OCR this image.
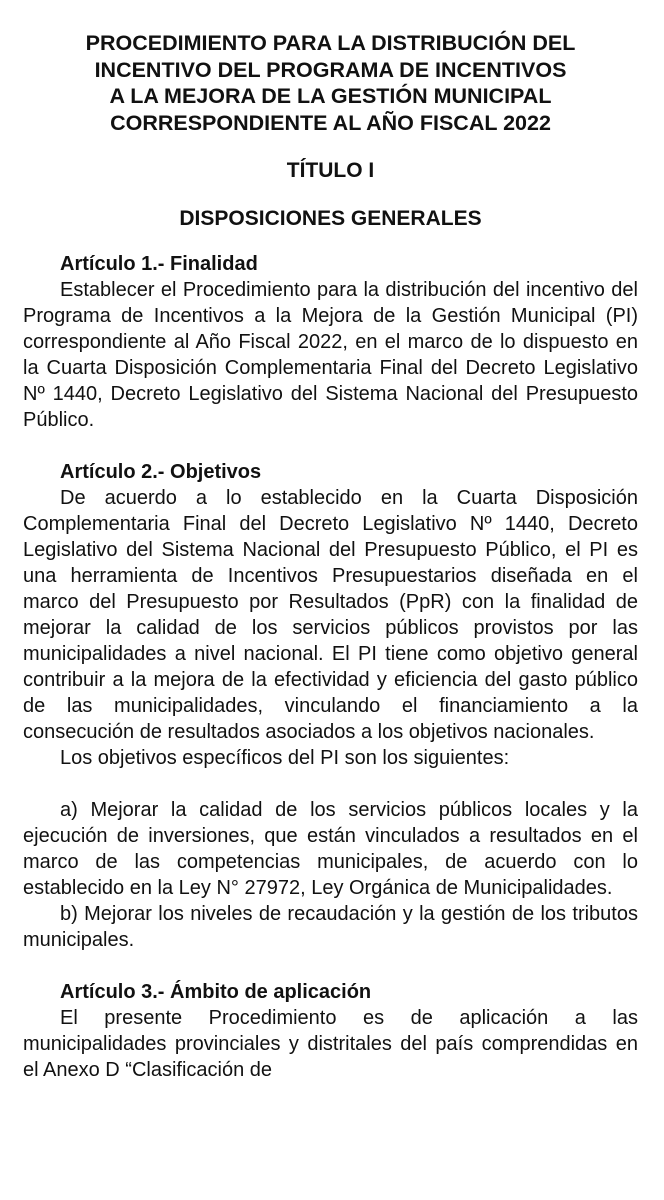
PROCEDIMIENTO PARA LA DISTRIBUCIÓN DEL
INCENTIVO DEL PROGRAMA DE INCENTIVOS
A LA MEJORA DE LA GESTIÓN MUNICIPAL
CORRESPONDIENTE AL AÑO FISCAL 2022
TÍTULO I
DISPOSICIONES GENERALES
Artículo 1.- Finalidad

Establecer el Procedimiento para la distribución del incentivo del Programa de Incentivos a la Mejora de la Gestión Municipal (PI) correspondiente al Año Fiscal 2022, en el marco de lo dispuesto en la Cuarta Disposición Complementaria Final del Decreto Legislativo Nº 1440, Decreto Legislativo del Sistema Nacional del Presupuesto Público.

Artículo 2.- Objetivos

De acuerdo a lo establecido en la Cuarta Disposición Complementaria Final del Decreto Legislativo Nº 1440, Decreto Legislativo del Sistema Nacional del Presupuesto Público, el PI es una herramienta de Incentivos Presupuestarios diseñada en el marco del Presupuesto por Resultados (PpR) con la finalidad de mejorar la calidad de los servicios públicos provistos por las municipalidades a nivel nacional. El PI tiene como objetivo general contribuir a la mejora de la efectividad y eficiencia del gasto público de las municipalidades, vinculando el financiamiento a la consecución de resultados asociados a los objetivos nacionales.

Los objetivos específicos del PI son los siguientes:

a) Mejorar la calidad de los servicios públicos locales y la ejecución de inversiones, que están vinculados a resultados en el marco de las competencias municipales, de acuerdo con lo establecido en la Ley N° 27972, Ley Orgánica de Municipalidades.

b) Mejorar los niveles de recaudación y la gestión de los tributos municipales.

Artículo 3.- Ámbito de aplicación

El presente Procedimiento es de aplicación a las municipalidades provinciales y distritales del país comprendidas en el Anexo D “Clasificación de
